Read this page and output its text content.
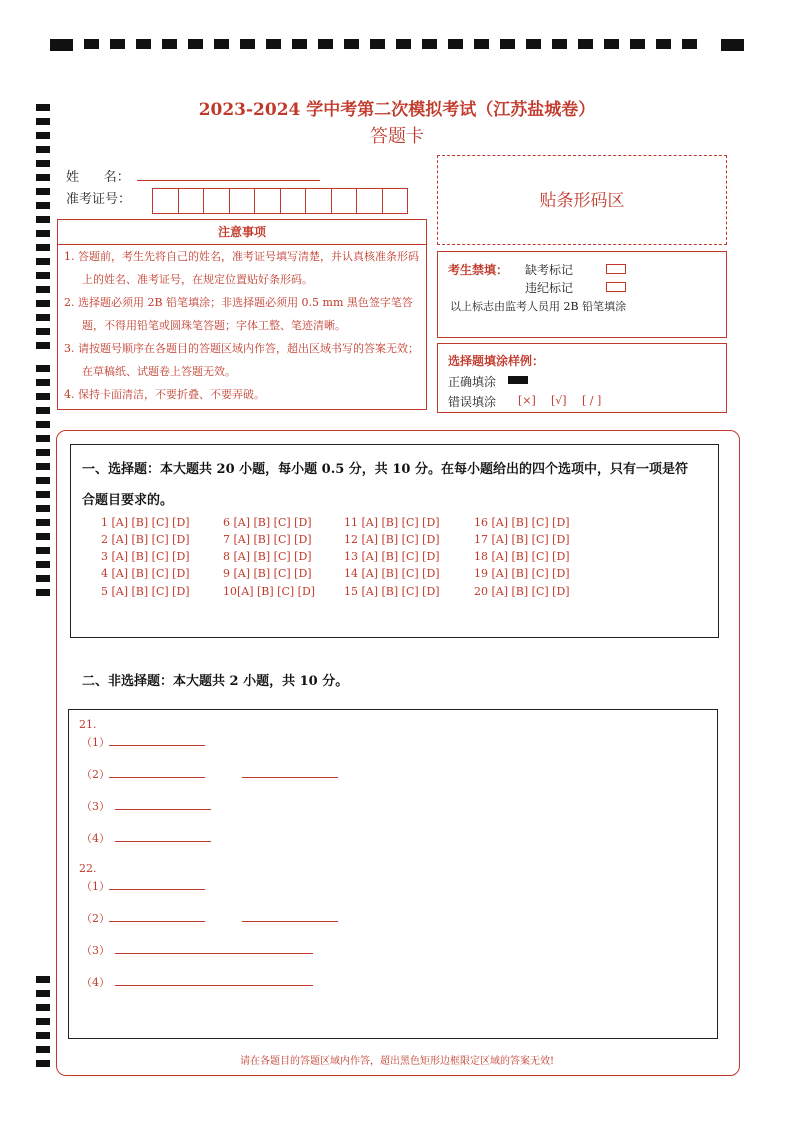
2023-2024 学中考第二次模拟考试（江苏盐城卷）
答题卡
姓      名：
准考证号：	贴条形码区
注意事项
1. 答题前，考生先将自己的姓名，准考证号填写清楚，并认真核准条形码上的姓名、准考证号，在规定位置贴好条形码。
2. 选择题必须用 2B 铅笔填涂；非选择题必须用 0.5 mm 黑色签字笔答题，不得用铅笔或圆珠笔答题；字体工整、笔迹清晰。
3. 请按题号顺序在各题目的答题区域内作答，超出区域书写的答案无效；在草稿纸、试题卷上答题无效。
4. 保持卡面清洁，不要折叠、不要弄破。
考生禁填： 缺考标记
违纪标记
以上标志由监考人员用 2B 铅笔填涂
选择题填涂样例：
正确填涂
错误填涂 [×] [√] [ / ]
一、选择题：本大题共 20 小题，每小题 0.5 分，共 10 分。在每小题给出的四个选项中，只有一项是符
合题目要求的。
1 [A] [B] [C] [D]	6 [A] [B] [C] [D]	11 [A] [B] [C] [D]	16 [A] [B] [C] [D]
2 [A] [B] [C] [D]	7 [A] [B] [C] [D]	12 [A] [B] [C] [D]	17 [A] [B] [C] [D]
3 [A] [B] [C] [D]	8 [A] [B] [C] [D]	13 [A] [B] [C] [D]	18 [A] [B] [C] [D]
4 [A] [B] [C] [D]	9 [A] [B] [C] [D]	14 [A] [B] [C] [D]	19 [A] [B] [C] [D]
5 [A] [B] [C] [D]	10[A] [B] [C] [D]	15 [A] [B] [C] [D]	20 [A] [B] [C] [D]
二、非选择题：本大题共 2 小题，共 10 分。
21.
（1）
（2）
（3）
（4）
22.
（1）
（2）
（3）
（4）
请在各题目的答题区域内作答，超出黑色矩形边框限定区域的答案无效!
